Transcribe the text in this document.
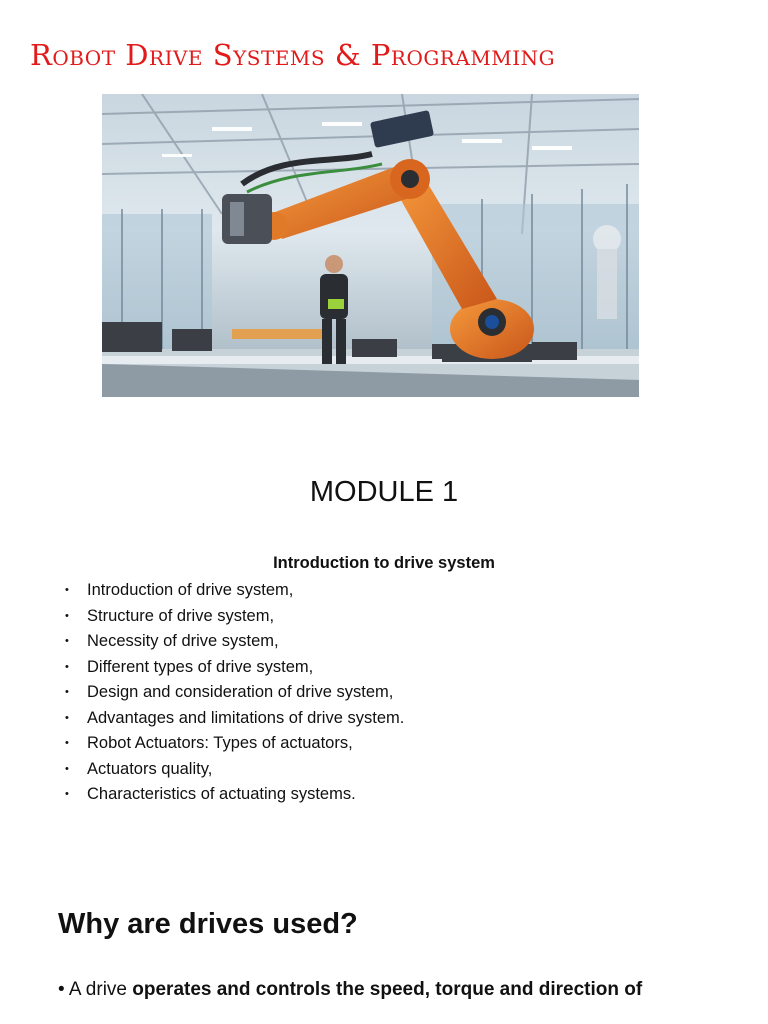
Robot Drive Systems & Programming
MODULE 1
Introduction to drive system
• Introduction of drive system,
• Structure of drive system,
• Necessity of drive system,
• Different types of drive system,
• Design and consideration of drive system,
• Advantages and limitations of drive system.
• Robot Actuators: Types of actuators,
• Actuators quality,
• Characteristics of actuating systems.
Why are drives used?
• A drive operates and controls the speed, torque and direction of
